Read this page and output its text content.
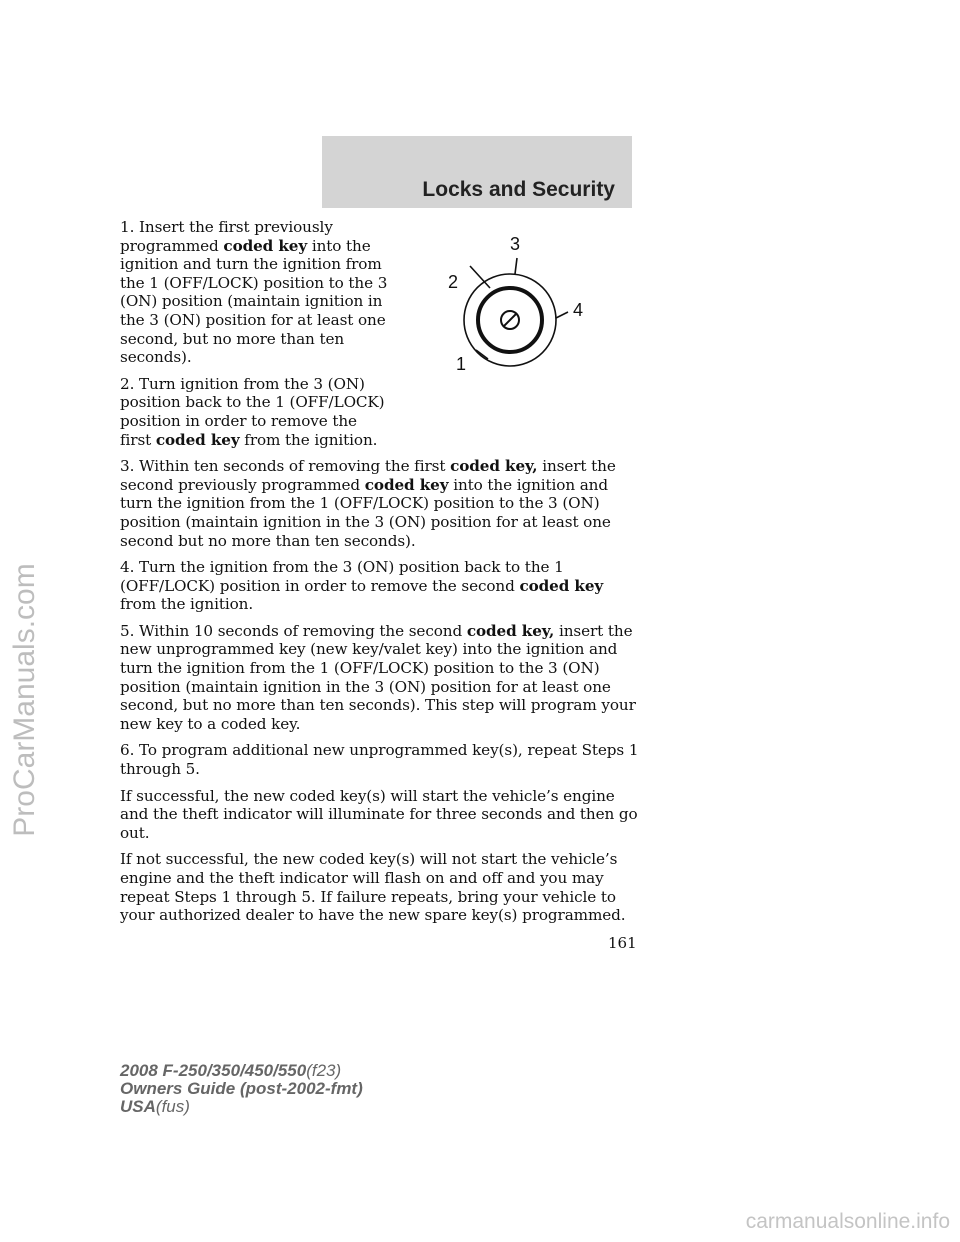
Locks and Security
1
2
3
4

1. Insert the first previously programmed coded key into the ignition and turn the ignition from the 1 (OFF/LOCK) position to the 3 (ON) position (maintain ignition in the 3 (ON) position for at least one second, but no more than ten seconds).

2. Turn ignition from the 3 (ON) position back to the 1 (OFF/LOCK) position in order to remove the first coded key from the ignition.

3. Within ten seconds of removing the first coded key, insert the second previously programmed coded key into the ignition and turn the ignition from the 1 (OFF/LOCK) position to the 3 (ON) position (maintain ignition in the 3 (ON) position for at least one second but no more than ten seconds).

4. Turn the ignition from the 3 (ON) position back to the 1 (OFF/LOCK) position in order to remove the second coded key from the ignition.

5. Within 10 seconds of removing the second coded key, insert the new unprogrammed key (new key/valet key) into the ignition and turn the ignition from the 1 (OFF/LOCK) position to the 3 (ON) position (maintain ignition in the 3 (ON) position for at least one second, but no more than ten seconds). This step will program your new key to a coded key.

6. To program additional new unprogrammed key(s), repeat Steps 1 through 5.

If successful, the new coded key(s) will start the vehicle’s engine and the theft indicator will illuminate for three seconds and then go out.

If not successful, the new coded key(s) will not start the vehicle’s engine and the theft indicator will flash on and off and you may repeat Steps 1 through 5. If failure repeats, bring your vehicle to your authorized dealer to have the new spare key(s) programmed.

161
2008 F-250/350/450/550(f23)
Owners Guide (post-2002-fmt)
USA(fus)
ProCarManuals.com
carmanualsonline.info
